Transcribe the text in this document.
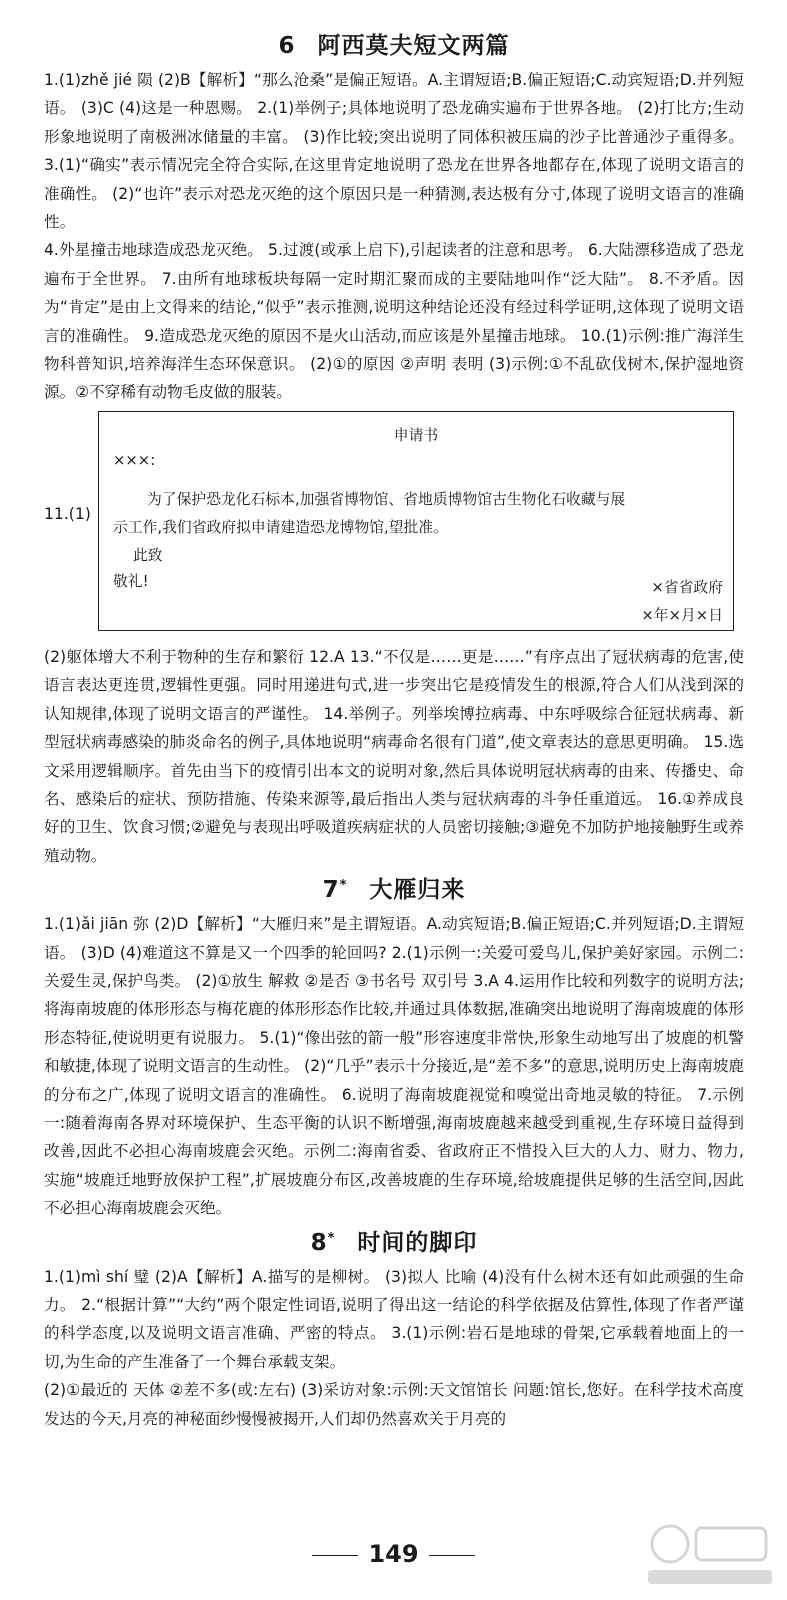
6 阿西莫夫短文两篇

1.(1)zhě jié 陨 (2)B【解析】“那么沧桑”是偏正短语。A.主谓短语;B.偏正短语;C.动宾短语;D.并列短语。 (3)C (4)这是一种恩赐。 2.(1)举例子;具体地说明了恐龙确实遍布于世界各地。 (2)打比方;生动形象地说明了南极洲冰储量的丰富。 (3)作比较;突出说明了同体积被压扁的沙子比普通沙子重得多。 3.(1)“确实”表示情况完全符合实际,在这里肯定地说明了恐龙在世界各地都存在,体现了说明文语言的准确性。 (2)“也许”表示对恐龙灭绝的这个原因只是一种猜测,表达极有分寸,体现了说明文语言的准确性。

4.外星撞击地球造成恐龙灭绝。 5.过渡(或承上启下),引起读者的注意和思考。 6.大陆漂移造成了恐龙遍布于全世界。 7.由所有地球板块每隔一定时期汇聚而成的主要陆地叫作“泛大陆”。 8.不矛盾。因为“肯定”是由上文得来的结论,“似乎”表示推测,说明这种结论还没有经过科学证明,这体现了说明文语言的准确性。 9.造成恐龙灭绝的原因不是火山活动,而应该是外星撞击地球。 10.(1)示例:推广海洋生物科普知识,培养海洋生态环保意识。 (2)①的原因 ②声明 表明 (3)示例:①不乱砍伐树木,保护湿地资源。②不穿稀有动物毛皮做的服装。

11.(1)
申请书
×××:
为了保护恐龙化石标本,加强省博物馆、省地质博物馆古生物化石收藏与展
示工作,我们省政府拟申请建造恐龙博物馆,望批准。
此致
敬礼!	×省省政府
×年×月×日

(2)躯体增大不利于物种的生存和繁衍 12.A 13.“不仅是……更是……”有序点出了冠状病毒的危害,使语言表达更连贯,逻辑性更强。同时用递进句式,进一步突出它是疫情发生的根源,符合人们从浅到深的认知规律,体现了说明文语言的严谨性。 14.举例子。列举埃博拉病毒、中东呼吸综合征冠状病毒、新型冠状病毒感染的肺炎命名的例子,具体地说明“病毒命名很有门道”,使文章表达的意思更明确。 15.选文采用逻辑顺序。首先由当下的疫情引出本文的说明对象,然后具体说明冠状病毒的由来、传播史、命名、感染后的症状、预防措施、传染来源等,最后指出人类与冠状病毒的斗争任重道远。 16.①养成良好的卫生、饮食习惯;②避免与表现出呼吸道疾病症状的人员密切接触;③避免不加防护地接触野生或养殖动物。

7* 大雁归来

1.(1)ǎi jiān 弥 (2)D【解析】“大雁归来”是主谓短语。A.动宾短语;B.偏正短语;C.并列短语;D.主谓短语。 (3)D (4)难道这不算是又一个四季的轮回吗? 2.(1)示例一:关爱可爱鸟儿,保护美好家园。示例二:关爱生灵,保护鸟类。 (2)①放生 解救 ②是否 ③书名号 双引号 3.A 4.运用作比较和列数字的说明方法;将海南坡鹿的体形形态与梅花鹿的体形形态作比较,并通过具体数据,准确突出地说明了海南坡鹿的体形形态特征,使说明更有说服力。 5.(1)“像出弦的箭一般”形容速度非常快,形象生动地写出了坡鹿的机警和敏捷,体现了说明文语言的生动性。 (2)“几乎”表示十分接近,是“差不多”的意思,说明历史上海南坡鹿的分布之广,体现了说明文语言的准确性。 6.说明了海南坡鹿视觉和嗅觉出奇地灵敏的特征。 7.示例一:随着海南各界对环境保护、生态平衡的认识不断增强,海南坡鹿越来越受到重视,生存环境日益得到改善,因此不必担心海南坡鹿会灭绝。示例二:海南省委、省政府正不惜投入巨大的人力、财力、物力,实施“坡鹿迁地野放保护工程”,扩展坡鹿分布区,改善坡鹿的生存环境,给坡鹿提供足够的生活空间,因此不必担心海南坡鹿会灭绝。

8* 时间的脚印

1.(1)mì shí 璧 (2)A【解析】A.描写的是柳树。 (3)拟人 比喻 (4)没有什么树木还有如此顽强的生命力。 2.“根据计算”“大约”两个限定性词语,说明了得出这一结论的科学依据及估算性,体现了作者严谨的科学态度,以及说明文语言准确、严密的特点。 3.(1)示例:岩石是地球的骨架,它承载着地面上的一切,为生命的产生准备了一个舞台承载支架。

(2)①最近的 天体 ②差不多(或:左右) (3)采访对象:示例:天文馆馆长 问题:馆长,您好。在科学技术高度发达的今天,月亮的神秘面纱慢慢被揭开,人们却仍然喜欢关于月亮的

149
